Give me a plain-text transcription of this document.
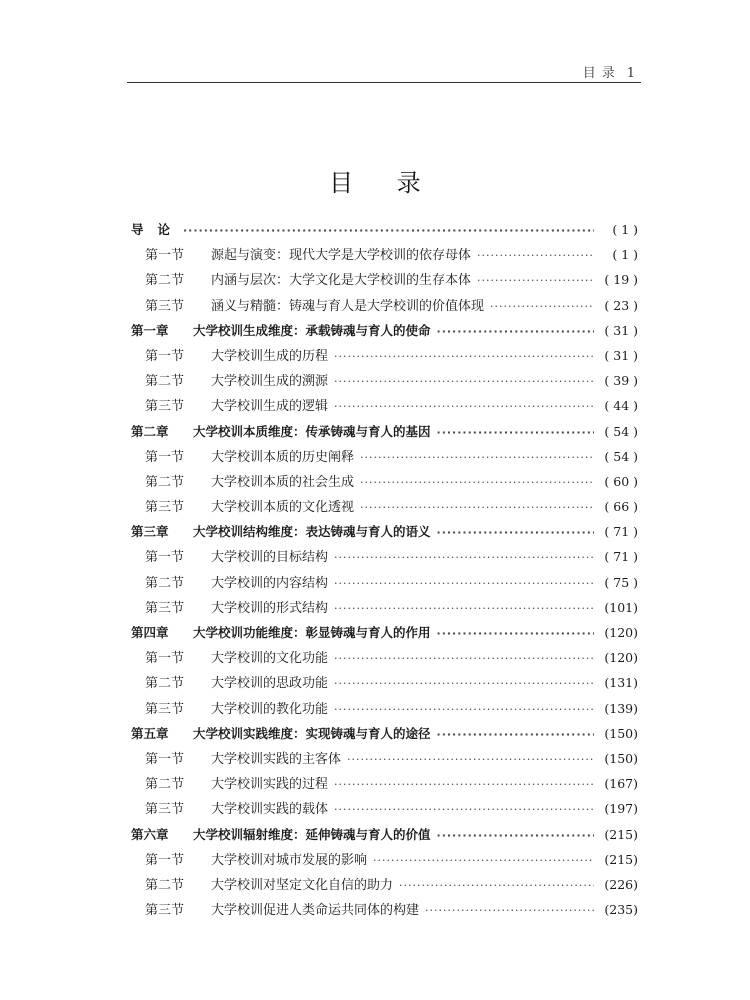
目录 1
目 录
导论 ·····	( 1 )
第一节	源起与演变：现代大学是大学校训的依存母体 ·····	( 1 )
第二节	内涵与层次：大学文化是大学校训的生存本体 ·····	( 19 )
第三节	涵义与精髓：铸魂与育人是大学校训的价值体现 ·····	( 23 )
第一章	大学校训生成维度：承载铸魂与育人的使命 ·····	( 31 )
第一节	大学校训生成的历程 ·····	( 31 )
第二节	大学校训生成的溯源 ·····	( 39 )
第三节	大学校训生成的逻辑 ·····	( 44 )
第二章	大学校训本质维度：传承铸魂与育人的基因 ·····	( 54 )
第一节	大学校训本质的历史阐释 ·····	( 54 )
第二节	大学校训本质的社会生成 ·····	( 60 )
第三节	大学校训本质的文化透视 ·····	( 66 )
第三章	大学校训结构维度：表达铸魂与育人的语义 ·····	( 71 )
第一节	大学校训的目标结构 ·····	( 71 )
第二节	大学校训的内容结构 ·····	( 75 )
第三节	大学校训的形式结构 ·····	(101)
第四章	大学校训功能维度：彰显铸魂与育人的作用 ·····	(120)
第一节	大学校训的文化功能 ·····	(120)
第二节	大学校训的思政功能 ·····	(131)
第三节	大学校训的教化功能 ·····	(139)
第五章	大学校训实践维度：实现铸魂与育人的途径 ·····	(150)
第一节	大学校训实践的主客体 ·····	(150)
第二节	大学校训实践的过程 ·····	(167)
第三节	大学校训实践的载体 ·····	(197)
第六章	大学校训辐射维度：延伸铸魂与育人的价值 ·····	(215)
第一节	大学校训对城市发展的影响 ·····	(215)
第二节	大学校训对坚定文化自信的助力 ·····	(226)
第三节	大学校训促进人类命运共同体的构建 ·····	(235)
